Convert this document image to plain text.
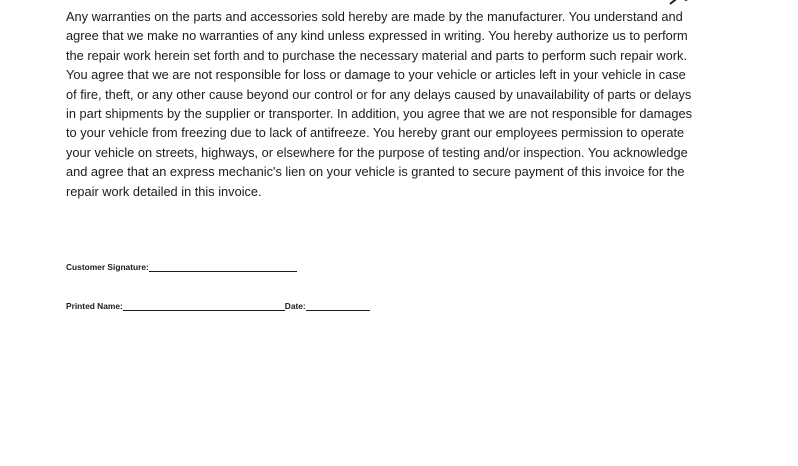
Any warranties on the parts and accessories sold hereby are made by the manufacturer. You understand and
agree that we make no warranties of any kind unless expressed in writing. You hereby authorize us to perform
the repair work herein set forth and to purchase the necessary material and parts to perform such repair work.
You agree that we are not responsible for loss or damage to your vehicle or articles left in your vehicle in case
of fire, theft, or any other cause beyond our control or for any delays caused by unavailability of parts or delays
in part shipments by the supplier or transporter. In addition, you agree that we are not responsible for damages
to your vehicle from freezing due to lack of antifreeze. You hereby grant our employees permission to operate
your vehicle on streets, highways, or elsewhere for the purpose of testing and/or inspection. You acknowledge
and agree that an express mechanic's lien on your vehicle is granted to secure payment of this invoice for the
repair work detailed in this invoice.
Customer Signature:
Printed Name:	Date:
